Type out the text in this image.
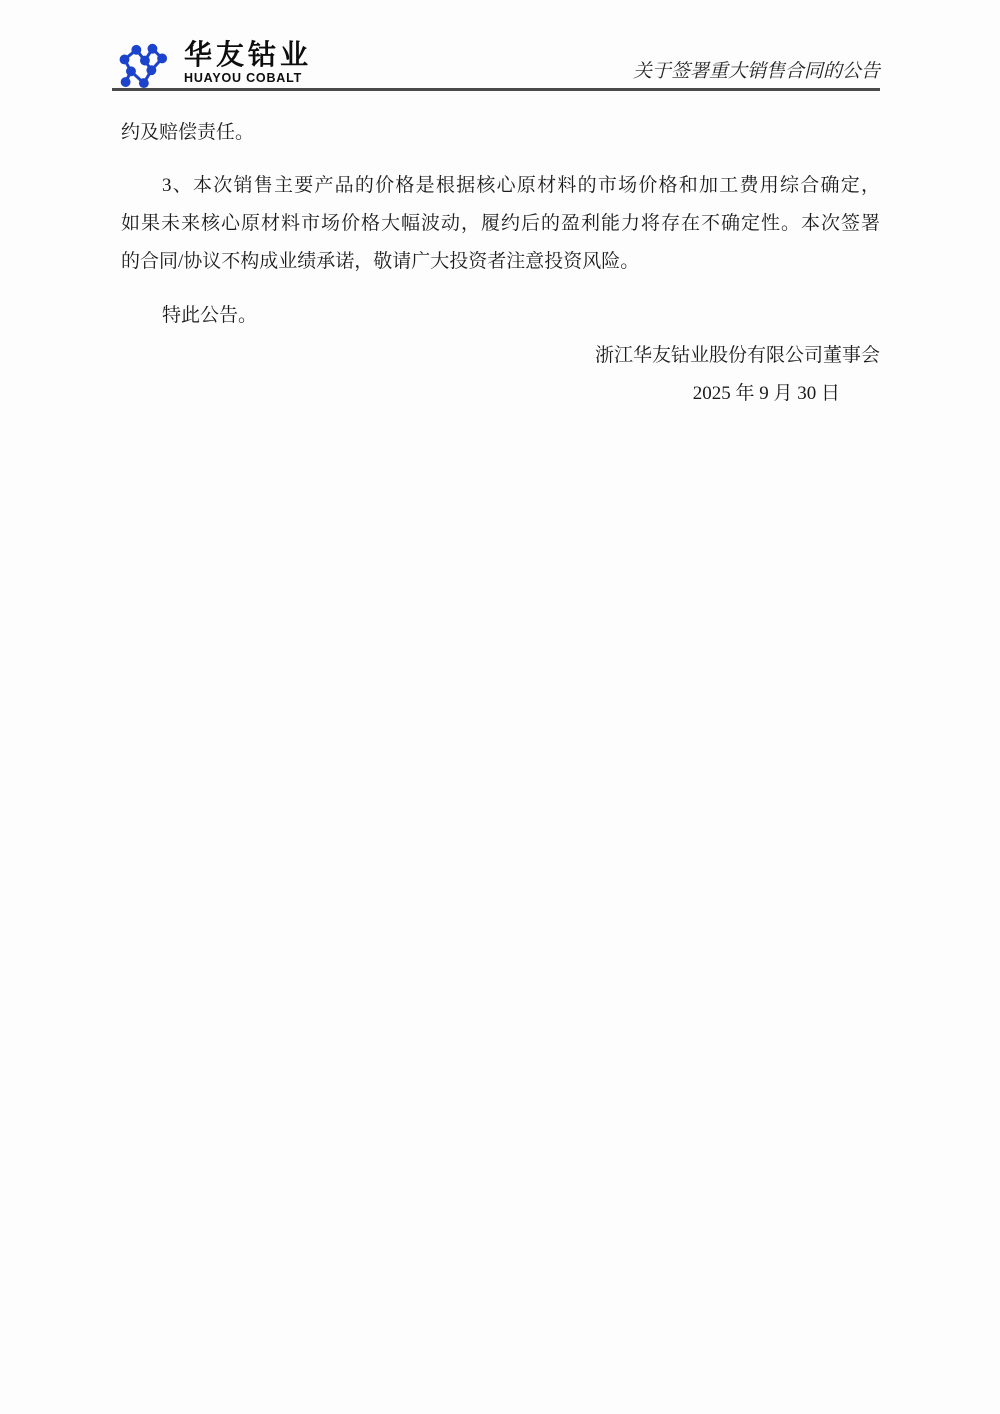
华友钴业
HUAYOU COBALT	关于签署重大销售合同的公告

约及赔偿责任。

3、本次销售主要产品的价格是根据核心原材料的市场价格和加工费用综合确定，

如果未来核心原材料市场价格大幅波动，履约后的盈利能力将存在不确定性。本次签署

的合同/协议不构成业绩承诺，敬请广大投资者注意投资风险。

特此公告。

浙江华友钴业股份有限公司董事会

2025 年 9 月 30 日
